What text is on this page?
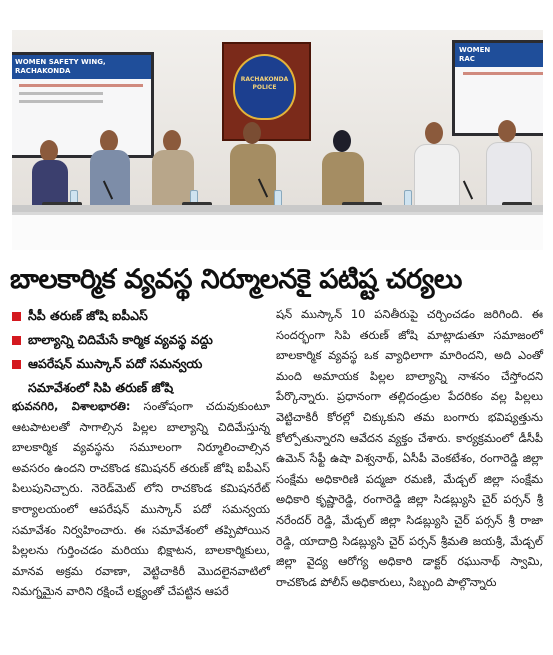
WOMEN SAFETY WING,
RACHAKONDA
RACHAKONDA
POLICE
WOMEN
RAC
బాలకార్మిక వ్యవస్థ నిర్మూలనకై పటిష్ట చర్యలు
సీపీ తరుణ్ జోషి ఐపీఎస్
బాల్యాన్ని చిదిమేసే కార్మిక వ్యవస్థ వద్దు
ఆపరేషన్ ముస్కాన్ పదో సమన్వయ
సమావేశంలో సిపి తరుణ్ జోషి
భువనగిరి, విశాలభారతి: సంతోషంగా చదువుకుంటూ ఆటపాటలతో సాగాల్సిన పిల్లల బాల్యాన్ని చిదిమేస్తున్న బాలకార్మిక వ్యవస్థను సమూలంగా నిర్మూలించాల్సిన అవసరం ఉందని రాచకొండ కమిషనర్ తరుణ్ జోషి ఐపీఎస్ పిలుపునిచ్చారు. నెరెడ్‌మెట్ లోని రాచకొండ కమిషనరేట్ కార్యాలయంలో ఆపరేషన్ ముస్కాన్ పదో సమన్వయ సమావేశం నిర్వహించారు. ఈ సమావేశంలో తప్పిపోయిన పిల్లలను గుర్తించడం మరియు భిక్షాటన, బాలకార్మికులు, మానవ అక్రమ రవాణా, వెట్టిచాకిరీ మొదలైనవాటిలో నిమగ్నమైన వారిని రక్షించే లక్ష్యంతో చేపట్టిన ఆపరే
షన్ ముస్కాన్ 10 పనితీరుపై చర్చించడం జరిగింది. ఈ సందర్భంగా సిపి తరుణ్ జోషి మాట్లాడుతూ సమాజంలో బాలకార్మిక వ్యవస్థ ఒక వ్యాధిలాగా మారిందని, అది ఎంతో మంది అమాయక పిల్లల బాల్యాన్ని నాశనం చేస్తోందని పేర్కొన్నారు. ప్రధానంగా తల్లిదండ్రుల పేదరికం వల్ల పిల్లలు వెట్టిచాకిరీ కోరల్లో చిక్కుకుని తమ బంగారు భవిష్యత్తును కోల్పోతున్నారని ఆవేదన వ్యక్తం చేశారు. కార్యక్రమంలో డీసీపీ ఉమెన్ సేఫ్టీ ఉషా విశ్వనాథ్, ఏసీపీ వెంకటేశం, రంగారెడ్డి జిల్లా సంక్షేమ అధికారిణి పద్మజా రమణి, మేడ్చల్ జిల్లా సంక్షేమ అధికారి కృష్ణారెడ్డి, రంగారెడ్డి జిల్లా సిడబ్ల్యుసి చైర్ పర్సన్ శ్రీ నరేందర్ రెడ్డి, మేడ్చల్ జిల్లా సిడబ్ల్యుసి చైర్ పర్సన్ శ్రీ రాజా రెడ్డి, యాదాద్రి సిడబ్ల్యుసి చైర్ పర్సన్ శ్రీమతి జయశ్రీ, మేడ్చల్ జిల్లా వైద్య ఆరోగ్య అధికారి డాక్టర్ రఘునాథ్ స్వామి, రాచకొండ పోలీస్ అధికారులు, సిబ్బంది పాల్గొన్నారు
